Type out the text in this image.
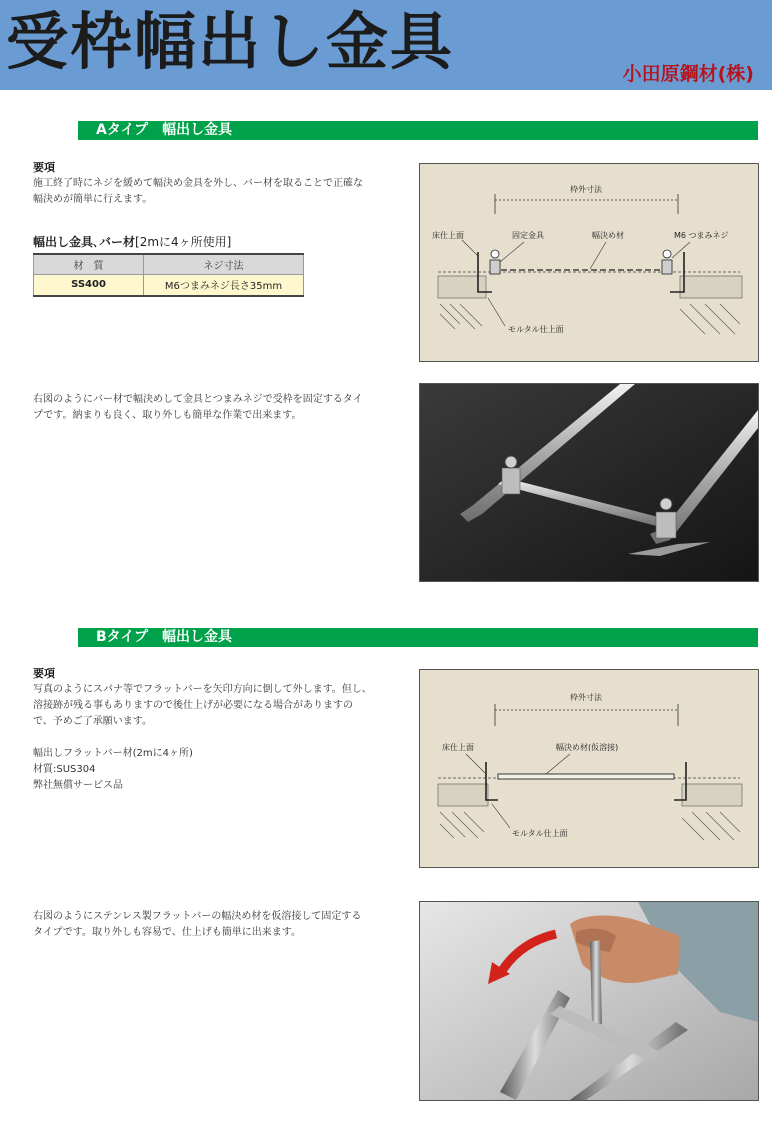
受枠幅出し金具	小田原鋼材(株)
Aタイプ　幅出し金具
要項
施工終了時にネジを緩めて幅決め金具を外し、バー材を取ることで正確な
幅決めが簡単に行えます。
幅出し金具､バー材[2mに4ヶ所使用]
材　質	ネジ寸法
SS400	M6つまみネジ長さ35mm
枠外寸法
床仕上面	固定金具	幅決め材	M6 つまみネジ
モルタル仕上面
右図のようにバー材で幅決めして金具とつまみネジで受枠を固定するタイ
プです。納まりも良く、取り外しも簡単な作業で出来ます。
Bタイプ　幅出し金具
要項
写真のようにスパナ等でフラットバーを矢印方向に倒して外します。但し、
溶接跡が残る事もありますので後仕上げが必要になる場合がありますの
で、予めご了承願います。
幅出しフラットバー材(2mに4ヶ所)
材質:SUS304
弊社無償サービス品
枠外寸法
床仕上面	幅決め材(仮溶接)
モルタル仕上面
右図のようにステンレス製フラットバーの幅決め材を仮溶接して固定する
タイプです。取り外しも容易で、仕上げも簡単に出来ます。
